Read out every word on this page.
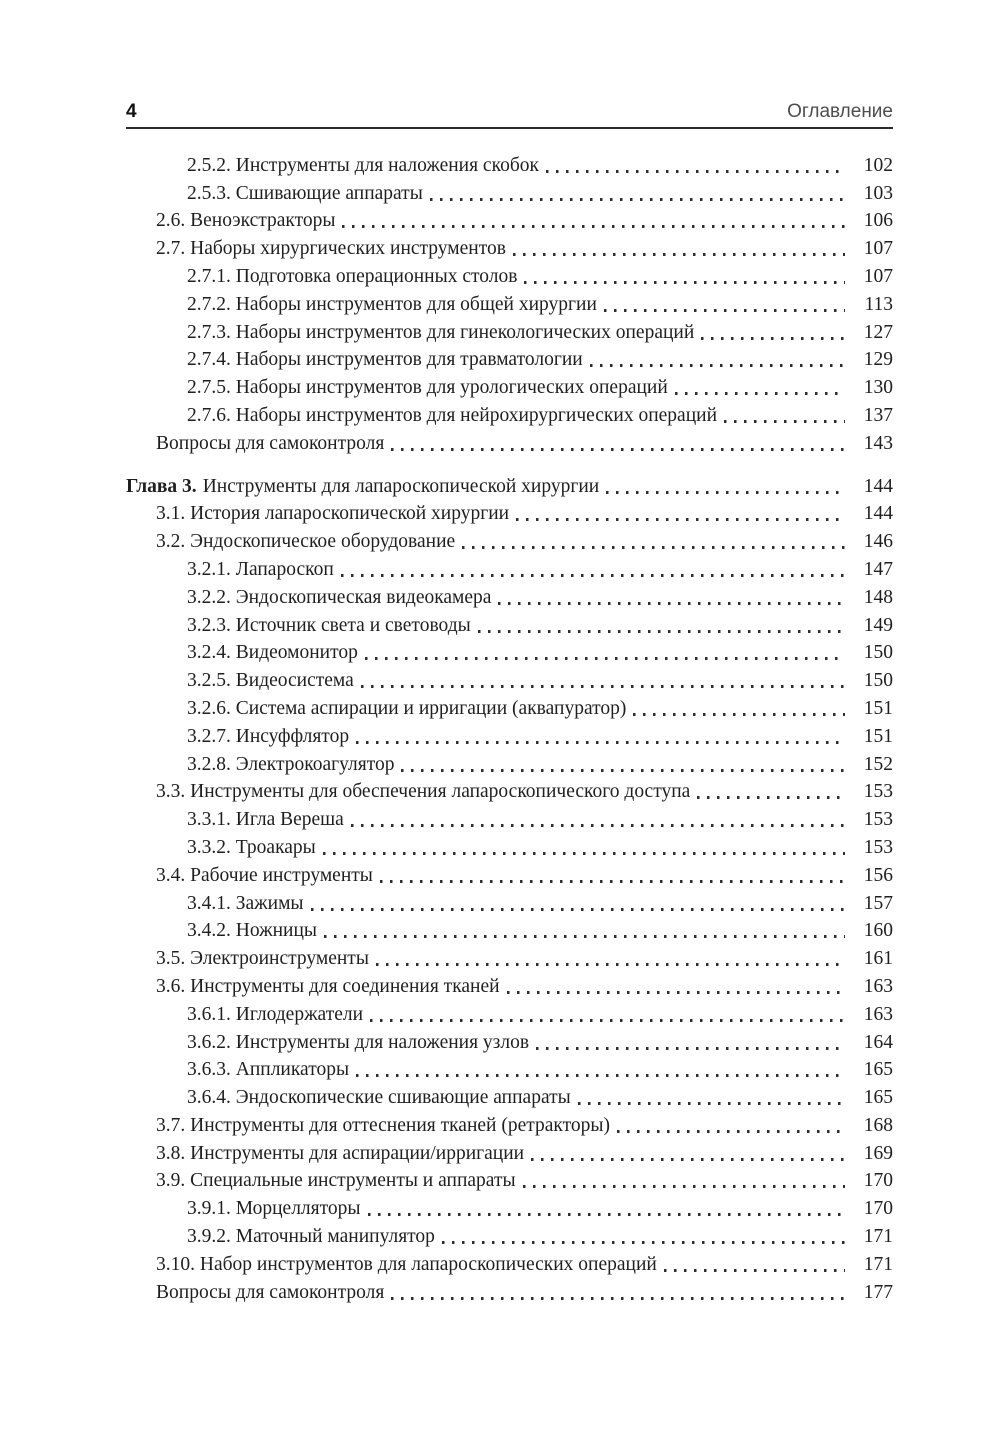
4	Оглавление
2.5.2. Инструменты для наложения скобок	102
2.5.3. Сшивающие аппараты	103
2.6. Веноэкстракторы	106
2.7. Наборы хирургических инструментов	107
2.7.1. Подготовка операционных столов	107
2.7.2. Наборы инструментов для общей хирургии	113
2.7.3. Наборы инструментов для гинекологических операций	127
2.7.4. Наборы инструментов для травматологии	129
2.7.5. Наборы инструментов для урологических операций	130
2.7.6. Наборы инструментов для нейрохирургических операций	137
Вопросы для самоконтроля	143
Глава 3. Инструменты для лапароскопической хирургии	144
3.1. История лапароскопической хирургии	144
3.2. Эндоскопическое оборудование	146
3.2.1. Лапароскоп	147
3.2.2. Эндоскопическая видеокамера	148
3.2.3. Источник света и световоды	149
3.2.4. Видеомонитор	150
3.2.5. Видеосистема	150
3.2.6. Система аспирации и ирригации (аквапуратор)	151
3.2.7. Инсуффлятор	151
3.2.8. Электрокоагулятор	152
3.3. Инструменты для обеспечения лапароскопического доступа	153
3.3.1. Игла Вереша	153
3.3.2. Троакары	153
3.4. Рабочие инструменты	156
3.4.1. Зажимы	157
3.4.2. Ножницы	160
3.5. Электроинструменты	161
3.6. Инструменты для соединения тканей	163
3.6.1. Иглодержатели	163
3.6.2. Инструменты для наложения узлов	164
3.6.3. Аппликаторы	165
3.6.4. Эндоскопические сшивающие аппараты	165
3.7. Инструменты для оттеснения тканей (ретракторы)	168
3.8. Инструменты для аспирации/ирригации	169
3.9. Специальные инструменты и аппараты	170
3.9.1. Морцелляторы	170
3.9.2. Маточный манипулятор	171
3.10. Набор инструментов для лапароскопических операций	171
Вопросы для самоконтроля	177
